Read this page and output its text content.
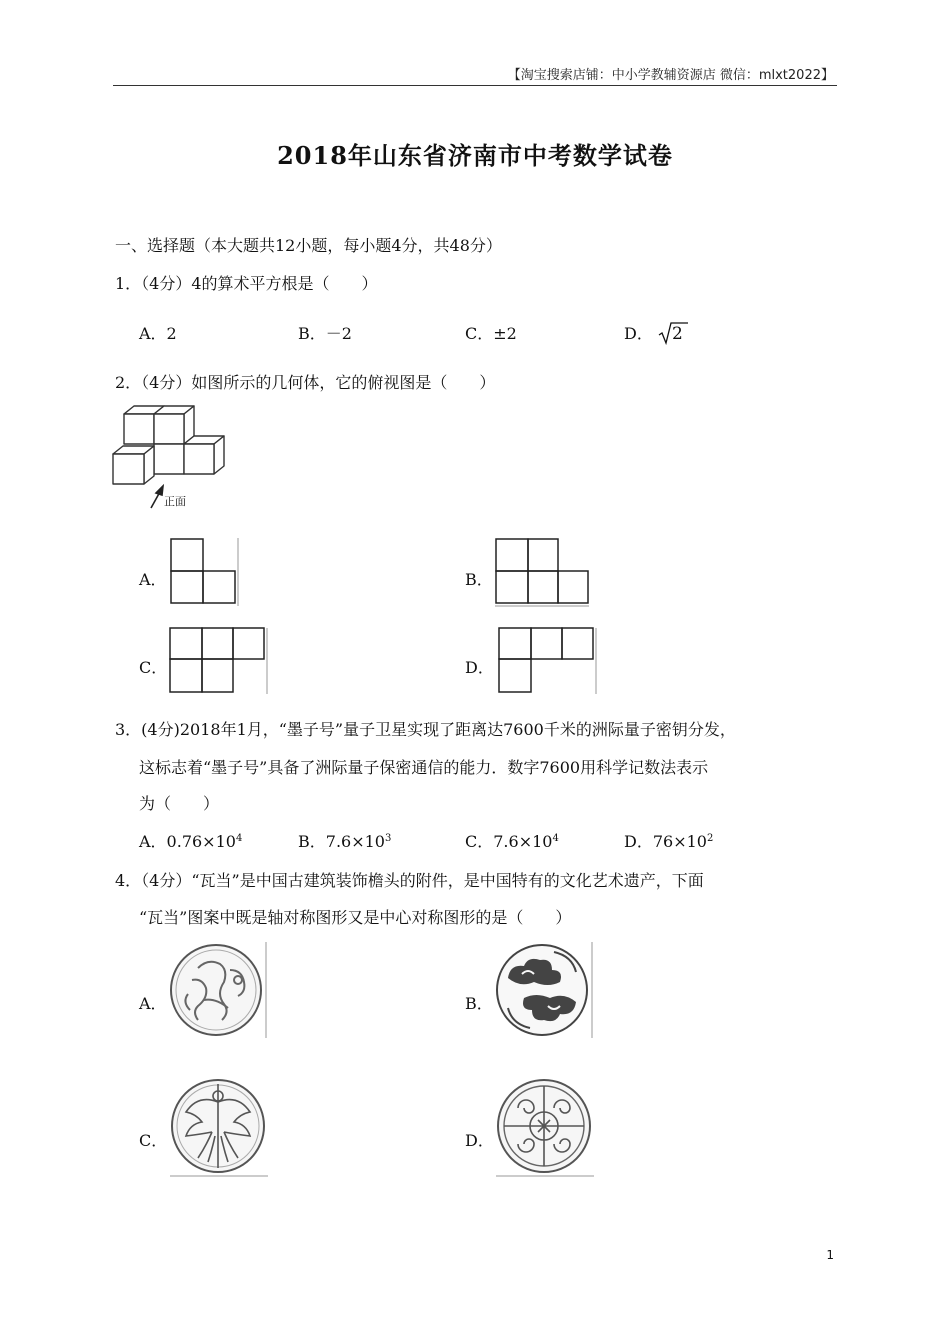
【淘宝搜索店铺：中小学教辅资源店 微信：mlxt2022】
2018年山东省济南市中考数学试卷
一、选择题（本大题共12小题，每小题4分，共48分）
1．（4分）4的算术平方根是（　　）
A．2	B．－2	C．±2	D． 2
2．（4分）如图所示的几何体，它的俯视图是（　　）
正面
A．	B．
C．	D．
3．(4分)2018年1月，“墨子号”量子卫星实现了距离达7600千米的洲际量子密钥分发，
这标志着“墨子号”具备了洲际量子保密通信的能力．数字7600用科学记数法表示
为（　　）
A．$0.76\times 10^4$	B．$7.6\times 10^3$	C．$7.6\times 10^4$	D．$76\times 10^2$
4．（4分）“瓦当”是中国古建筑装饰檐头的附件，是中国特有的文化艺术遗产，下面
“瓦当”图案中既是轴对称图形又是中心对称图形的是（　　）
A．	B．
C．	D．
1
